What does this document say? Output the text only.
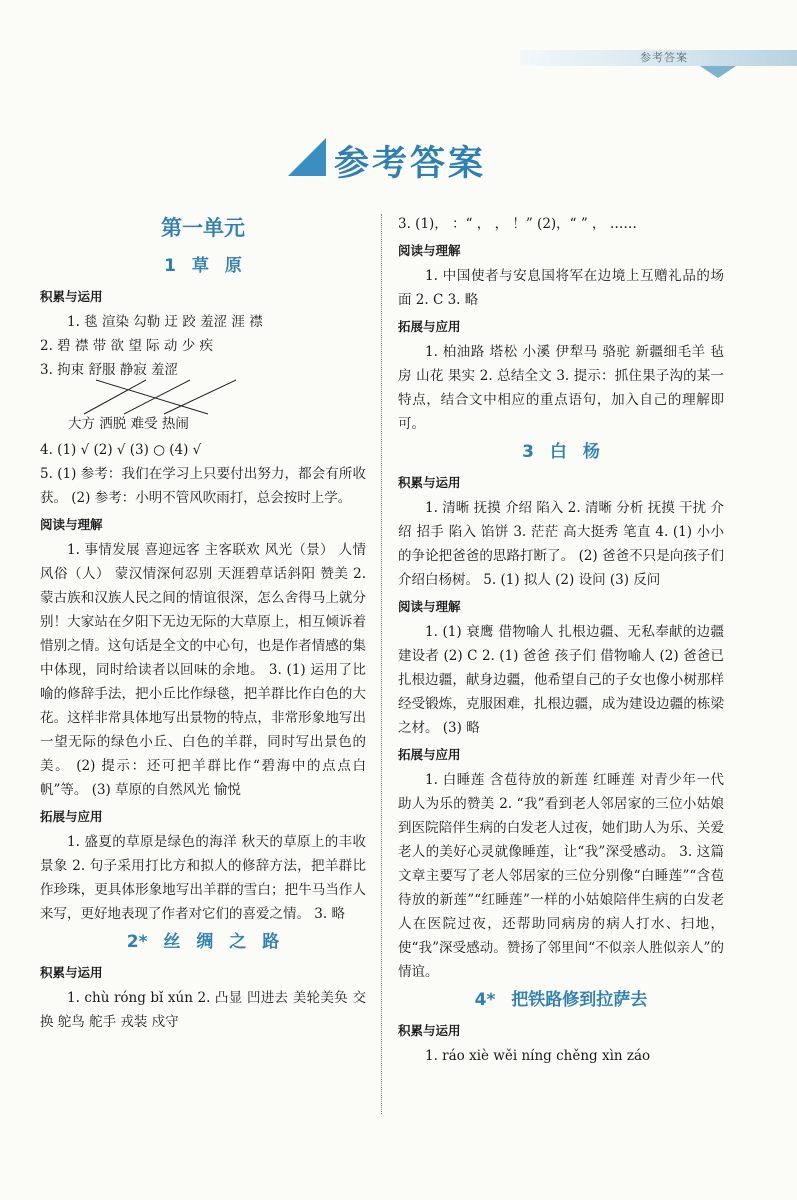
参考答案
参考答案
第一单元
1 草 原
积累与运用

1. 毯 渲染 勾勒 迂 跤 羞涩 涯 襟

2. 碧 襟 带 欲 望 际 动 少 疾

3. 拘束 舒服 静寂 羞涩
大方 洒脱 难受 热闹

4. (1) √ (2) √ (3) ○ (4) √

5. (1) 参考：我们在学习上只要付出努力，都会有所收获。 (2) 参考：小明不管风吹雨打，总会按时上学。

阅读与理解

1. 事情发展 喜迎远客 主客联欢 风光（景） 人情风俗（人） 蒙汉情深何忍别 天涯碧草话斜阳 赞美 2. 蒙古族和汉族人民之间的情谊很深，怎么舍得马上就分别！大家站在夕阳下无边无际的大草原上，相互倾诉着惜别之情。这句话是全文的中心句，也是作者情感的集中体现，同时给读者以回味的余地。 3. (1) 运用了比喻的修辞手法，把小丘比作绿毯，把羊群比作白色的大花。这样非常具体地写出景物的特点，非常形象地写出一望无际的绿色小丘、白色的羊群，同时写出景色的美。 (2) 提示：还可把羊群比作“碧海中的点点白帆”等。 (3) 草原的自然风光 愉悦

拓展与应用

1. 盛夏的草原是绿色的海洋 秋天的草原上的丰收景象 2. 句子采用打比方和拟人的修辞方法，把羊群比作珍珠，更具体形象地写出羊群的雪白；把牛马当作人来写，更好地表现了作者对它们的喜爱之情。 3. 略

2* 丝 绸 之 路
积累与运用

1. chù róng bǐ xún 2. 凸显 凹进去 美轮美奂 交换 鸵鸟 舵手 戎装 戍守

3. (1)， ：“ ， ， ！” (2)，“ ” ， ……

阅读与理解

1. 中国使者与安息国将军在边境上互赠礼品的场面 2. C 3. 略

拓展与应用

1. 柏油路 塔松 小溪 伊犁马 骆驼 新疆细毛羊 毡房 山花 果实 2. 总结全文 3. 提示：抓住果子沟的某一特点，结合文中相应的重点语句，加入自己的理解即可。

3 白 杨
积累与运用

1. 清晰 抚摸 介绍 陷入 2. 清晰 分析 抚摸 干扰 介绍 招手 陷入 馅饼 3. 茫茫 高大挺秀 笔直 4. (1) 小小的争论把爸爸的思路打断了。 (2) 爸爸不只是向孩子们介绍白杨树。 5. (1) 拟人 (2) 设问 (3) 反问

阅读与理解

1. (1) 衰鹰 借物喻人 扎根边疆、无私奉献的边疆建设者 (2) C 2. (1) 爸爸 孩子们 借物喻人 (2) 爸爸已扎根边疆，献身边疆，他希望自己的子女也像小树那样经受锻炼，克服困难，扎根边疆，成为建设边疆的栋梁之材。 (3) 略

拓展与应用

1. 白睡莲 含苞待放的新莲 红睡莲 对青少年一代助人为乐的赞美 2. “我”看到老人邻居家的三位小姑娘到医院陪伴生病的白发老人过夜，她们助人为乐、关爱老人的美好心灵就像睡莲，让“我”深受感动。 3. 这篇文章主要写了老人邻居家的三位分别像“白睡莲”“含苞待放的新莲”“红睡莲”一样的小姑娘陪伴生病的白发老人在医院过夜，还帮助同病房的病人打水、扫地，使“我”深受感动。赞扬了邻里间“不似亲人胜似亲人”的情谊。

4* 把铁路修到拉萨去
积累与运用

1. ráo xiè wěi níng chěng xìn záo
